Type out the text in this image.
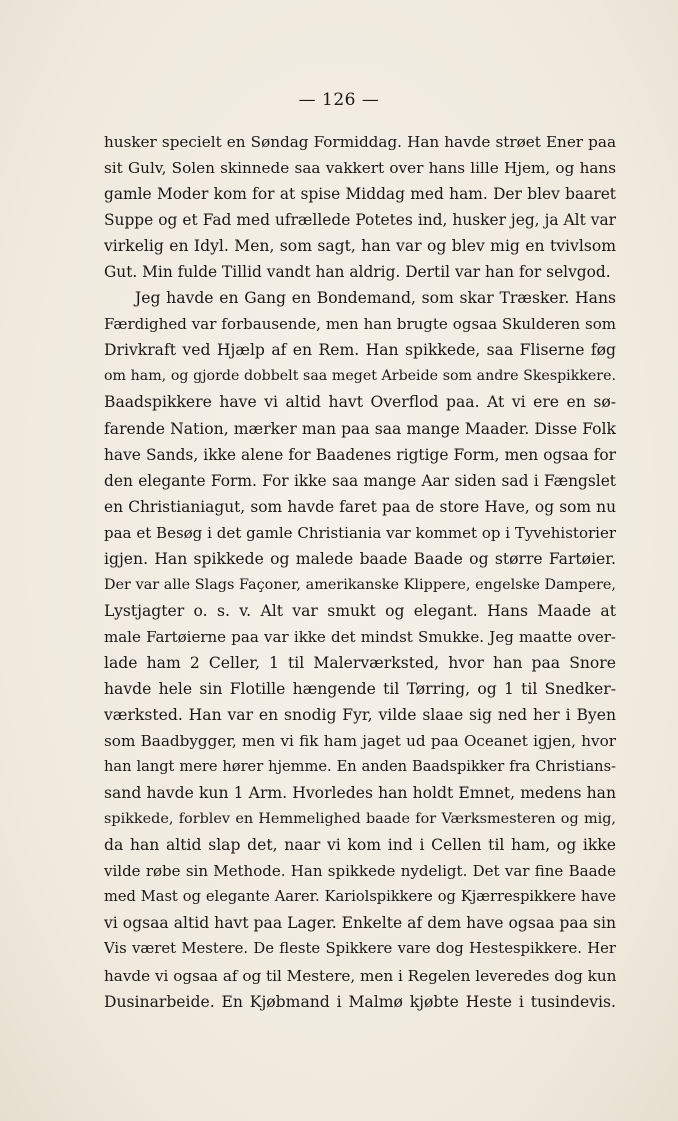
— 126 —
husker specielt en Søndag Formiddag. Han havde strøet Ener paa
sit Gulv, Solen skinnede saa vakkert over hans lille Hjem, og hans
gamle Moder kom for at spise Middag med ham. Der blev baaret
Suppe og et Fad med ufrællede Potetes ind, husker jeg, ja Alt var
virkelig en Idyl. Men, som sagt, han var og blev mig en tvivlsom
Gut. Min fulde Tillid vandt han aldrig. Dertil var han for selvgod.
Jeg havde en Gang en Bondemand, som skar Træsker. Hans
Færdighed var forbausende, men han brugte ogsaa Skulderen som
Drivkraft ved Hjælp af en Rem. Han spikkede, saa Fliserne føg
om ham, og gjorde dobbelt saa meget Arbeide som andre Skespikkere.
Baadspikkere have vi altid havt Overflod paa. At vi ere en sø-
farende Nation, mærker man paa saa mange Maader. Disse Folk
have Sands, ikke alene for Baadenes rigtige Form, men ogsaa for
den elegante Form. For ikke saa mange Aar siden sad i Fængslet
en Christianiagut, som havde faret paa de store Have, og som nu
paa et Besøg i det gamle Christiania var kommet op i Tyvehistorier
igjen. Han spikkede og malede baade Baade og større Fartøier.
Der var alle Slags Façoner, amerikanske Klippere, engelske Dampere,
Lystjagter o. s. v. Alt var smukt og elegant. Hans Maade at
male Fartøierne paa var ikke det mindst Smukke. Jeg maatte over-
lade ham 2 Celler, 1 til Malerværksted, hvor han paa Snore
havde hele sin Flotille hængende til Tørring, og 1 til Snedker-
værksted. Han var en snodig Fyr, vilde slaae sig ned her i Byen
som Baadbygger, men vi fik ham jaget ud paa Oceanet igjen, hvor
han langt mere hører hjemme. En anden Baadspikker fra Christians-
sand havde kun 1 Arm. Hvorledes han holdt Emnet, medens han
spikkede, forblev en Hemmelighed baade for Værksmesteren og mig,
da han altid slap det, naar vi kom ind i Cellen til ham, og ikke
vilde røbe sin Methode. Han spikkede nydeligt. Det var fine Baade
med Mast og elegante Aarer. Kariolspikkere og Kjærrespikkere have
vi ogsaa altid havt paa Lager. Enkelte af dem have ogsaa paa sin
Vis været Mestere. De fleste Spikkere vare dog Hestespikkere. Her
havde vi ogsaa af og til Mestere, men i Regelen leveredes dog kun
Dusinarbeide. En Kjøbmand i Malmø kjøbte Heste i tusindevis.
